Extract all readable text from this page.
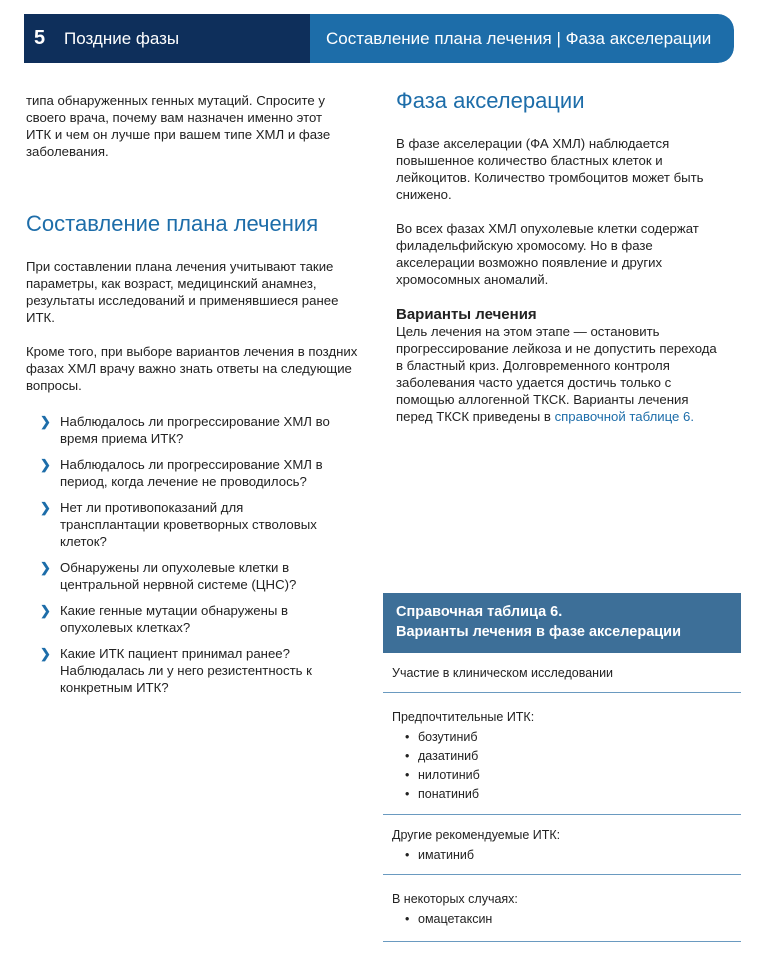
5	Поздние фазы	Составление плана лечения | Фаза акселерации

типа обнаруженных генных мутаций. Спросите у своего врача, почему вам назначен именно этот ИТК и чем он лучше при вашем типе ХМЛ и фазе заболевания.

Составление плана лечения

При составлении плана лечения учитывают такие параметры, как возраст, медицинский анамнез, результаты исследований и применявшиеся ранее ИТК.

Кроме того, при выборе вариантов лечения в поздних фазах ХМЛ врачу важно знать ответы на следующие вопросы.

❯ Наблюдалось ли прогрессирование ХМЛ во время приема ИТК?
❯ Наблюдалось ли прогрессирование ХМЛ в период, когда лечение не проводилось?
❯ Нет ли противопоказаний для трансплантации кроветворных стволовых клеток?
❯ Обнаружены ли опухолевые клетки в центральной нервной системе (ЦНС)?
❯ Какие генные мутации обнаружены в опухолевых клетках?
❯ Какие ИТК пациент принимал ранее? Наблюдалась ли у него резистентность к конкретным ИТК?
Фаза акселерации

В фазе акселерации (ФА ХМЛ) наблюдается повышенное количество бластных клеток и лейкоцитов. Количество тромбоцитов может быть снижено.

Во всех фазах ХМЛ опухолевые клетки содержат филадельфийскую хромосому. Но в фазе акселерации возможно появление и других хромосомных аномалий.

Варианты лечения

Цель лечения на этом этапе — остановить прогрессирование лейкоза и не допустить перехода в бластный криз. Долговременного контроля заболевания часто удается достичь только с помощью аллогенной ТКСК. Варианты лечения перед ТКСК приведены в справочной таблице 6.

Справочная таблица 6.
Варианты лечения в фазе акселерации
Участие в клиническом исследовании
Предпочтительные ИТК:
• бозутиниб
• дазатиниб
• нилотиниб
• понатиниб
Другие рекомендуемые ИТК:
• иматиниб
В некоторых случаях:
• омацетаксин
